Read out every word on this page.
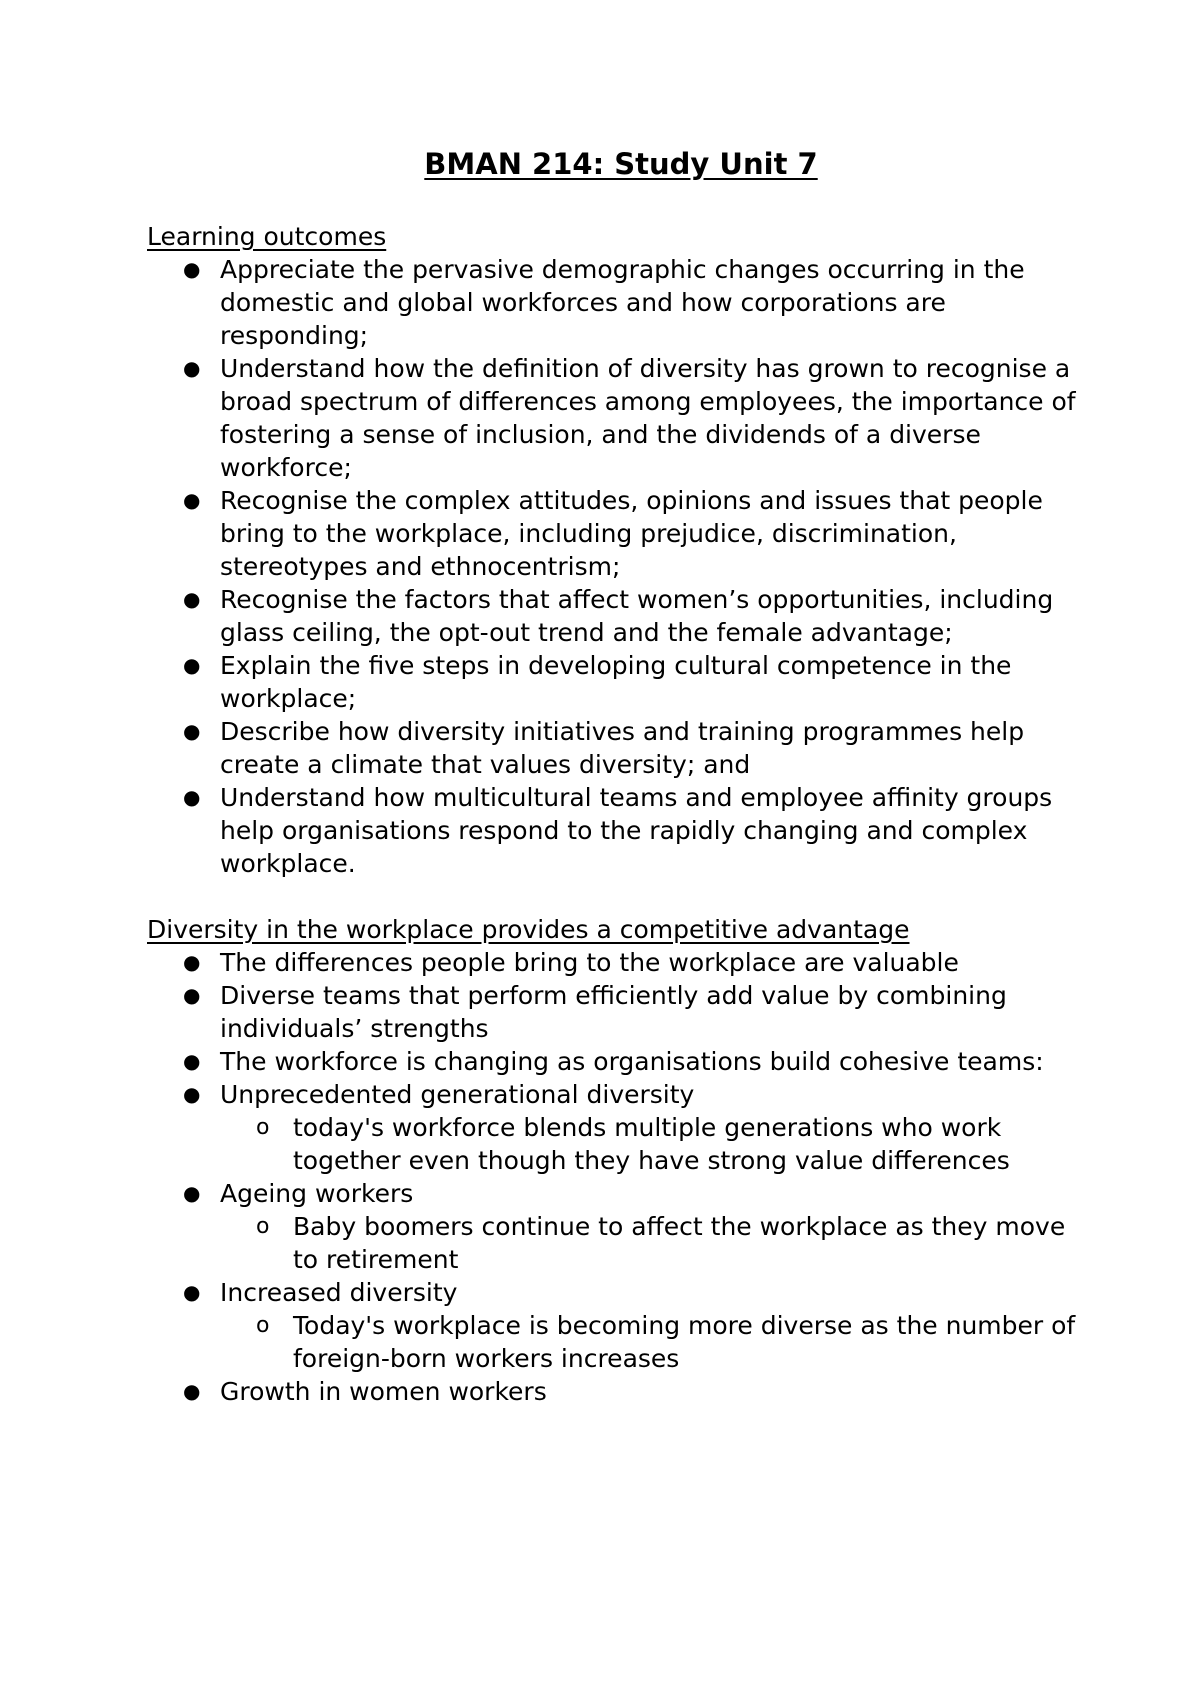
BMAN 214: Study Unit 7

Learning outcomes

● Appreciate the pervasive demographic changes occurring in the domestic and global workforces and how corporations are responding;
● Understand how the definition of diversity has grown to recognise a broad spectrum of differences among employees, the importance of fostering a sense of inclusion, and the dividends of a diverse workforce;
● Recognise the complex attitudes, opinions and issues that people bring to the workplace, including prejudice, discrimination, stereotypes and ethnocentrism;
● Recognise the factors that affect women’s opportunities, including glass ceiling, the opt-out trend and the female advantage;
● Explain the five steps in developing cultural competence in the workplace;
● Describe how diversity initiatives and training programmes help create a climate that values diversity; and
● Understand how multicultural teams and employee affinity groups help organisations respond to the rapidly changing and complex workplace.

Diversity in the workplace provides a competitive advantage

● The differences people bring to the workplace are valuable
● Diverse teams that perform efficiently add value by combining individuals’ strengths
● The workforce is changing as organisations build cohesive teams:
● Unprecedented generational diversity
o today's workforce blends multiple generations who work together even though they have strong value differences
● Ageing workers
o Baby boomers continue to affect the workplace as they move to retirement
● Increased diversity
o Today's workplace is becoming more diverse as the number of foreign-born workers increases
● Growth in women workers
